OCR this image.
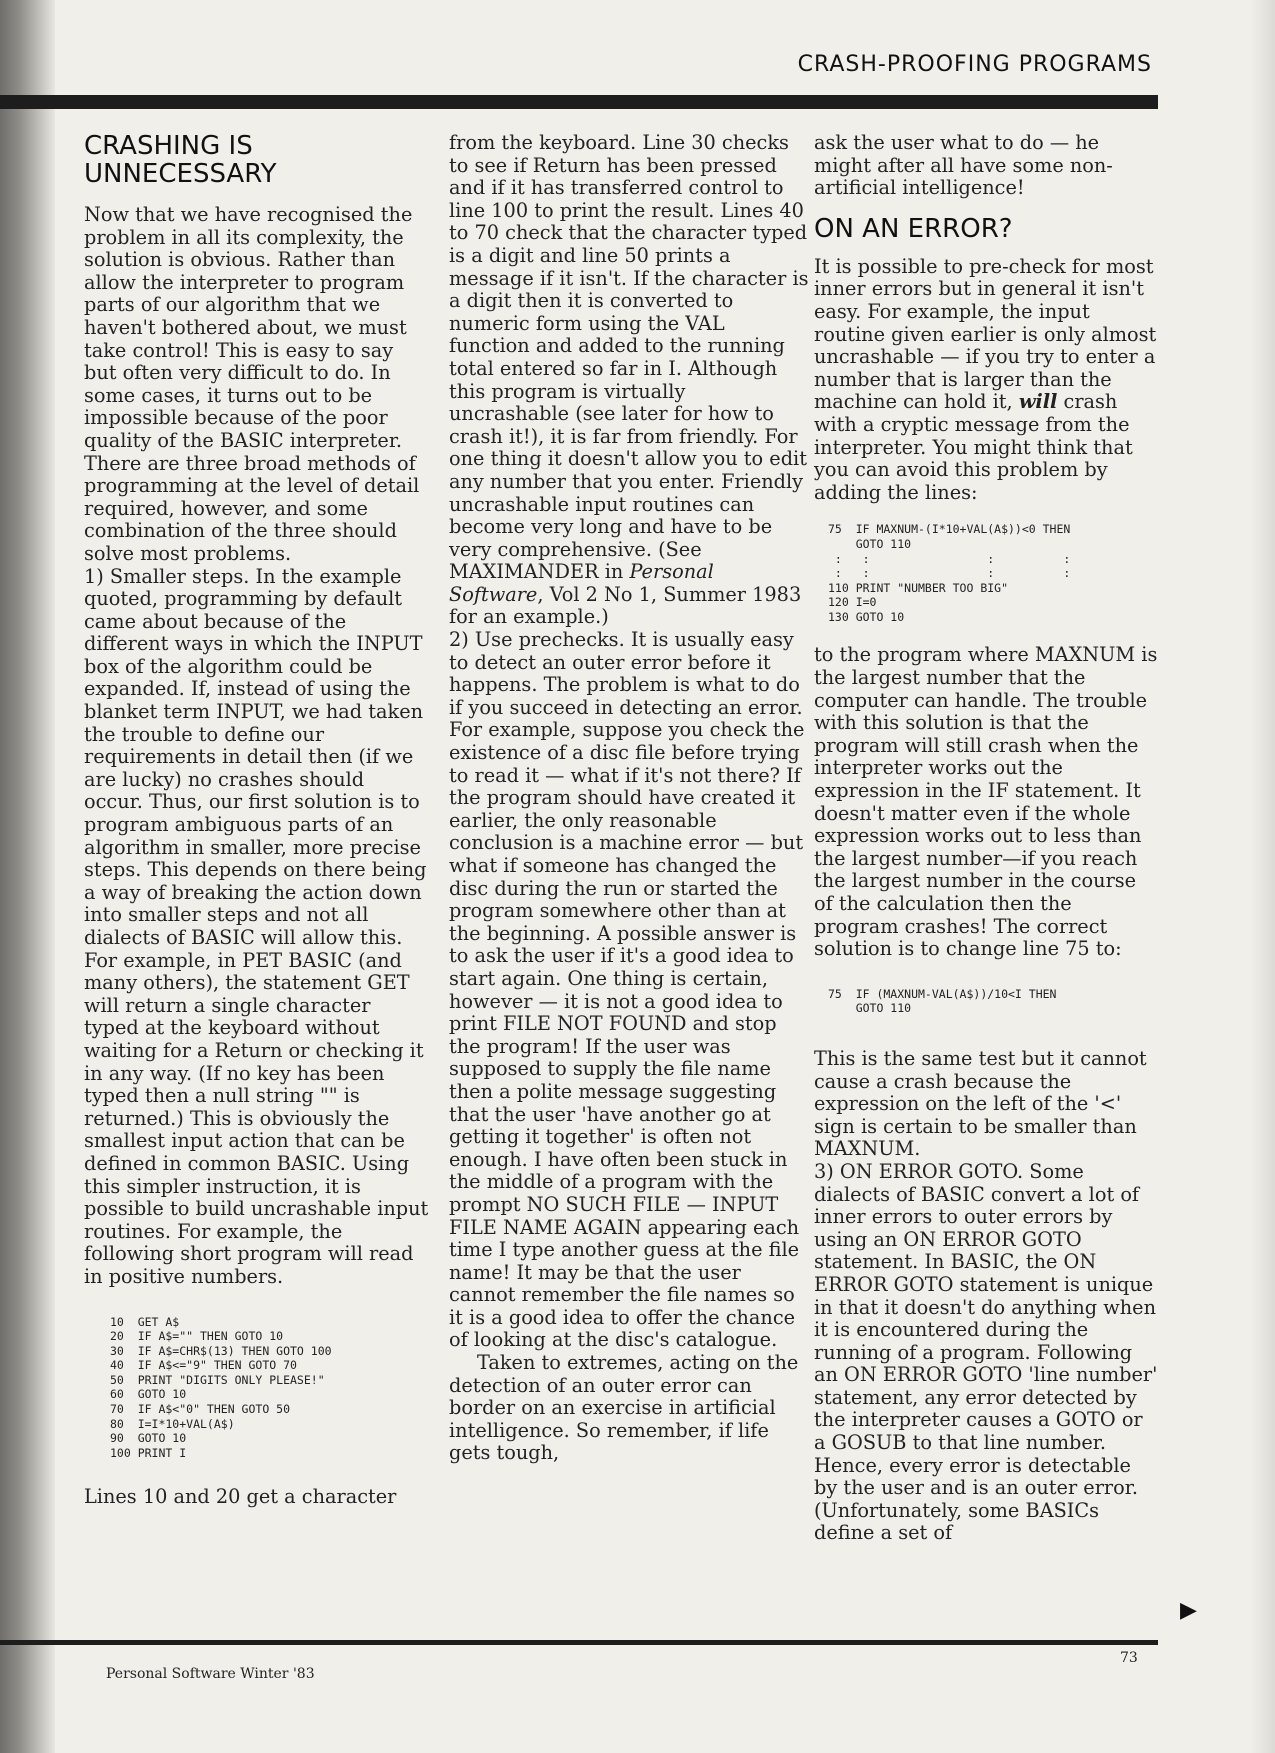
CRASH-PROOFING PROGRAMS
CRASHING IS UNNECESSARY

Now that we have recognised the problem in all its complexity, the solution is obvious. Rather than allow the interpreter to program parts of our algorithm that we haven't bothered about, we must take control! This is easy to say but often very difficult to do. In some cases, it turns out to be impossible because of the poor quality of the BASIC interpreter. There are three broad methods of programming at the level of detail required, however, and some combination of the three should solve most problems.

1) Smaller steps. In the example quoted, programming by default came about because of the different ways in which the INPUT box of the algorithm could be expanded. If, instead of using the blanket term INPUT, we had taken the trouble to define our requirements in detail then (if we are lucky) no crashes should occur. Thus, our first solution is to program ambiguous parts of an algorithm in smaller, more precise steps. This depends on there being a way of breaking the action down into smaller steps and not all dialects of BASIC will allow this. For example, in PET BASIC (and many others), the statement GET will return a single character typed at the keyboard without waiting for a Return or checking it in any way. (If no key has been typed then a null string "" is returned.) This is obviously the smallest input action that can be defined in common BASIC. Using this simpler instruction, it is possible to build uncrashable input routines. For example, the following short program will read in positive numbers.

10  GET A$
20  IF A$="" THEN GOTO 10
30  IF A$=CHR$(13) THEN GOTO 100
40  IF A$<="9" THEN GOTO 70
50  PRINT "DIGITS ONLY PLEASE!"
60  GOTO 10
70  IF A$<"0" THEN GOTO 50
80  I=I*10+VAL(A$)
90  GOTO 10
100 PRINT I

Lines 10 and 20 get a character

from the keyboard. Line 30 checks to see if Return has been pressed and if it has transferred control to line 100 to print the result. Lines 40 to 70 check that the character typed is a digit and line 50 prints a message if it isn't. If the character is a digit then it is converted to numeric form using the VAL function and added to the running total entered so far in I. Although this program is virtually uncrashable (see later for how to crash it!), it is far from friendly. For one thing it doesn't allow you to edit any number that you enter. Friendly uncrashable input routines can become very long and have to be very comprehensive. (See MAXIMANDER in Personal Software, Vol 2 No 1, Summer 1983 for an example.)

2) Use prechecks. It is usually easy to detect an outer error before it happens. The problem is what to do if you succeed in detecting an error. For example, suppose you check the existence of a disc file before trying to read it — what if it's not there? If the program should have created it earlier, the only reasonable conclusion is a machine error — but what if someone has changed the disc during the run or started the program somewhere other than at the beginning. A possible answer is to ask the user if it's a good idea to start again. One thing is certain, however — it is not a good idea to print FILE NOT FOUND and stop the program! If the user was supposed to supply the file name then a polite message suggesting that the user 'have another go at getting it together' is often not enough. I have often been stuck in the middle of a program with the prompt NO SUCH FILE — INPUT FILE NAME AGAIN appearing each time I type another guess at the file name! It may be that the user cannot remember the file names so it is a good idea to offer the chance of looking at the disc's catalogue.

Taken to extremes, acting on the detection of an outer error can border on an exercise in artificial intelligence. So remember, if life gets tough,

ask the user what to do — he might after all have some non-artificial intelligence!

ON AN ERROR?

It is possible to pre-check for most inner errors but in general it isn't easy. For example, the input routine given earlier is only almost uncrashable — if you try to enter a number that is larger than the machine can hold it, will crash with a cryptic message from the interpreter. You might think that you can avoid this problem by adding the lines:

75  IF MAXNUM-(I*10+VAL(A$))<0 THEN
GOTO 110
:   :                 :          :
:   :                 :          :
110 PRINT "NUMBER TOO BIG"
120 I=0
130 GOTO 10

to the program where MAXNUM is the largest number that the computer can handle. The trouble with this solution is that the program will still crash when the interpreter works out the expression in the IF statement. It doesn't matter even if the whole expression works out to less than the largest number—if you reach the largest number in the course of the calculation then the program crashes! The correct solution is to change line 75 to:

75  IF (MAXNUM-VAL(A$))/10<I THEN
GOTO 110

This is the same test but it cannot cause a crash because the expression on the left of the '<' sign is certain to be smaller than MAXNUM.

3) ON ERROR GOTO. Some dialects of BASIC convert a lot of inner errors to outer errors by using an ON ERROR GOTO statement. In BASIC, the ON ERROR GOTO statement is unique in that it doesn't do anything when it is encountered during the running of a program. Following an ON ERROR GOTO 'line number' statement, any error detected by the interpreter causes a GOTO or a GOSUB to that line number. Hence, every error is detectable by the user and is an outer error. (Unfortunately, some BASICs define a set of

▶
Personal Software Winter '83
73
